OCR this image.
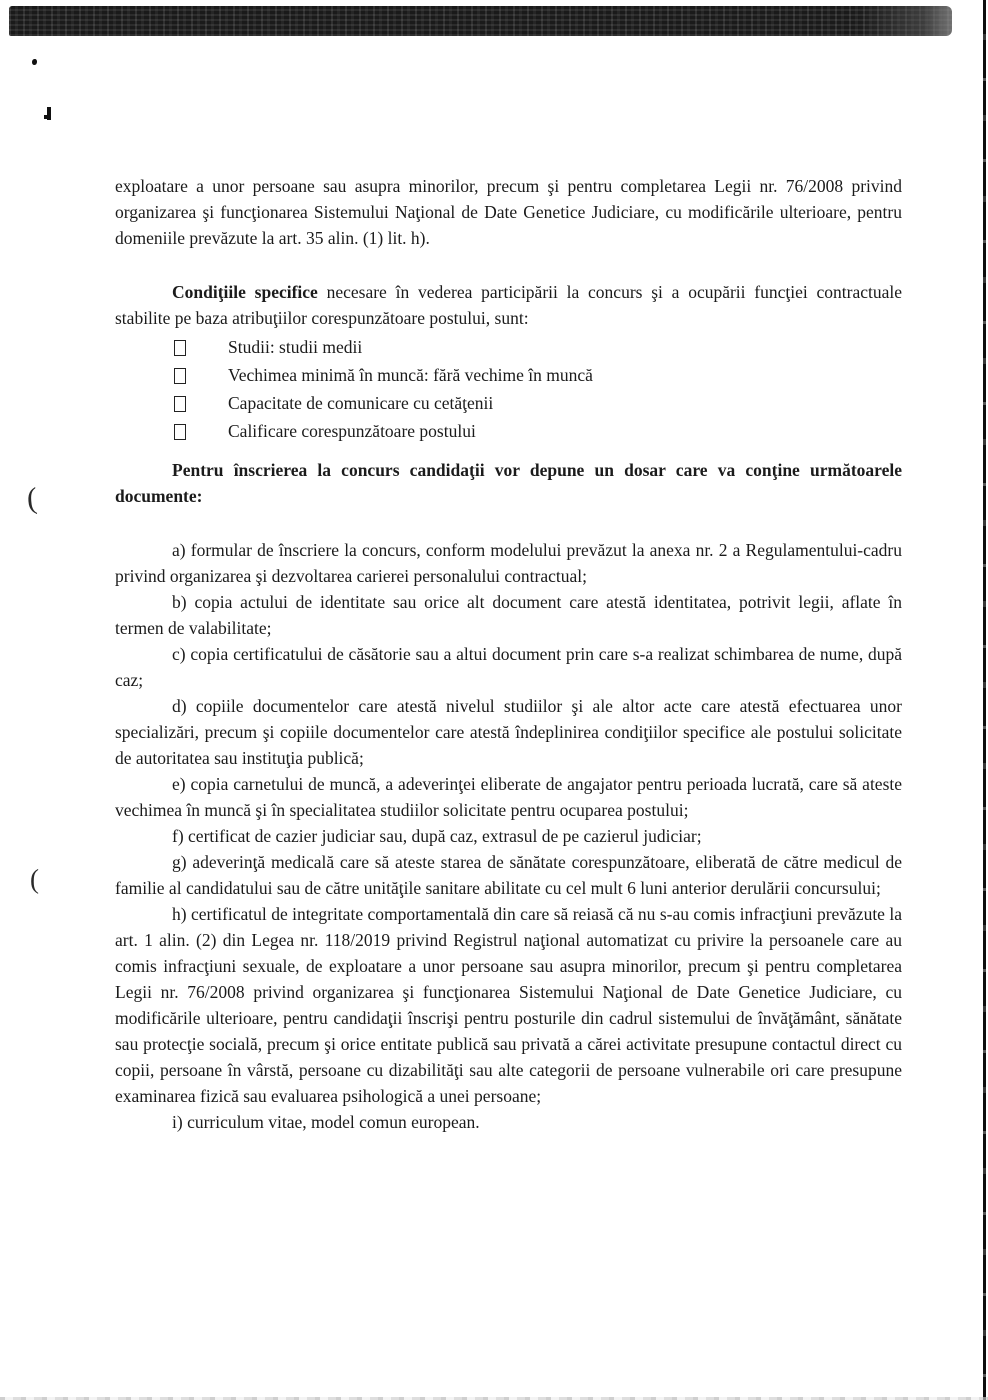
(
(

exploatare a unor persoane sau asupra minorilor, precum şi pentru completarea Legii nr. 76/2008 privind organizarea şi funcţionarea Sistemului Naţional de Date Genetice Judiciare, cu modificările ulterioare, pentru domeniile prevăzute la art. 35 alin. (1) lit. h).

Condiţiile specifice necesare în vederea participării la concurs şi a ocupării funcţiei contractuale stabilite pe baza atribuţiilor corespunzătoare postului, sunt:

Studii: studii medii
Vechimea minimă în muncă: fără vechime în muncă
Capacitate de comunicare cu cetăţenii
Calificare corespunzătoare postului

Pentru înscrierea la concurs candidaţii vor depune un dosar care va conţine următoarele documente:

a) formular de înscriere la concurs, conform modelului prevăzut la anexa nr. 2 a Regulamentului-cadru privind organizarea şi dezvoltarea carierei personalului contractual;

b) copia actului de identitate sau orice alt document care atestă identitatea, potrivit legii, aflate în termen de valabilitate;

c) copia certificatului de căsătorie sau a altui document prin care s-a realizat schimbarea de nume, după caz;

d) copiile documentelor care atestă nivelul studiilor şi ale altor acte care atestă efectuarea unor specializări, precum şi copiile documentelor care atestă îndeplinirea condiţiilor specifice ale postului solicitate de autoritatea sau instituţia publică;

e) copia carnetului de muncă, a adeverinţei eliberate de angajator pentru perioada lucrată, care să ateste vechimea în muncă şi în specialitatea studiilor solicitate pentru ocuparea postului;

f) certificat de cazier judiciar sau, după caz, extrasul de pe cazierul judiciar;

g) adeverinţă medicală care să ateste starea de sănătate corespunzătoare, eliberată de către medicul de familie al candidatului sau de către unităţile sanitare abilitate cu cel mult 6 luni anterior derulării concursului;

h) certificatul de integritate comportamentală din care să reiasă că nu s-au comis infracţiuni prevăzute la art. 1 alin. (2) din Legea nr. 118/2019 privind Registrul naţional automatizat cu privire la persoanele care au comis infracţiuni sexuale, de exploatare a unor persoane sau asupra minorilor, precum şi pentru completarea Legii nr. 76/2008 privind organizarea şi funcţionarea Sistemului Naţional de Date Genetice Judiciare, cu modificările ulterioare, pentru candidaţii înscrişi pentru posturile din cadrul sistemului de învăţământ, sănătate sau protecţie socială, precum şi orice entitate publică sau privată a cărei activitate presupune contactul direct cu copii, persoane în vârstă, persoane cu dizabilităţi sau alte categorii de persoane vulnerabile ori care presupune examinarea fizică sau evaluarea psihologică a unei persoane;

i) curriculum vitae, model comun european.
